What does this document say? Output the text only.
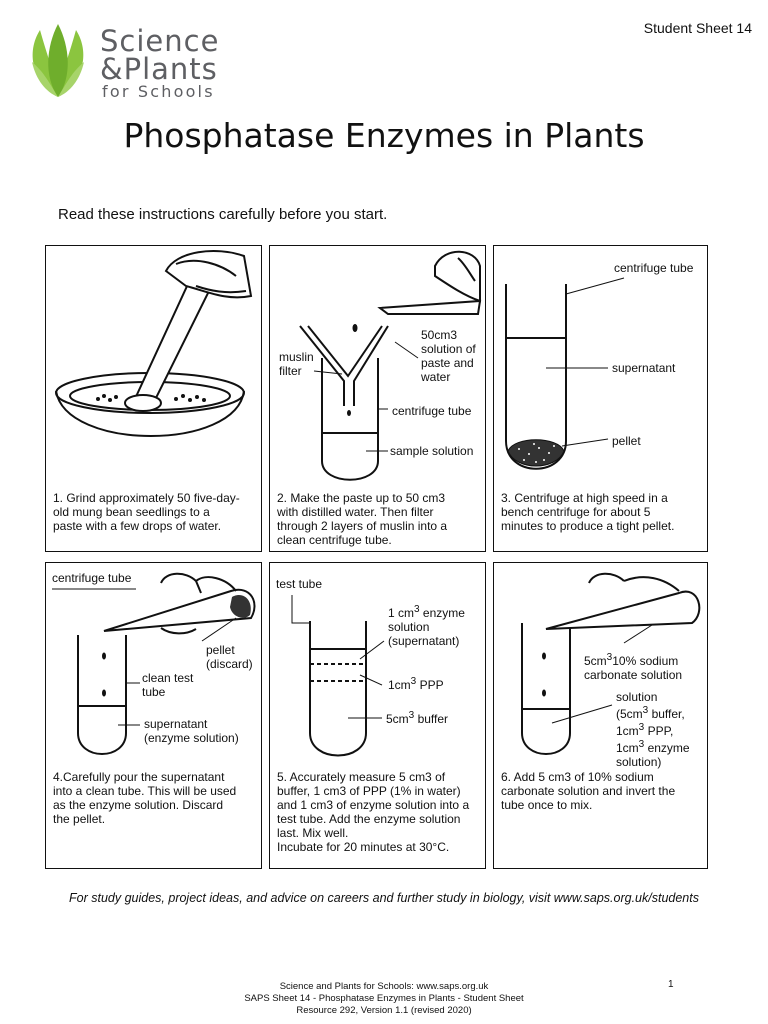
Science
&Plants
for Schools
Student Sheet 14
Phosphatase Enzymes in Plants
Read these instructions carefully before you start.
1. Grind approximately 50 five-day-
old mung bean seedlings to a
paste with a few drops of water.
muslin
filter
50cm3
solution of
paste and
water
centrifuge tube
sample solution
2. Make the paste up to 50 cm3
with distilled water. Then filter
through 2 layers of muslin into a
clean centrifuge tube.
centrifuge tube
supernatant
pellet
3. Centrifuge at high speed in a
bench centrifuge for about 5
minutes to produce a tight pellet.
centrifuge tube
pellet
(discard)
clean test
tube
supernatant
(enzyme solution)
4.Carefully pour the supernatant
into a clean tube. This will be used
as the enzyme solution. Discard
the pellet.
test tube
1 $cm^3$ enzyme
solution
(supernatant)
$1cm^3$ PPP
$5cm^3$ buffer
5. Accurately measure 5 cm3 of
buffer, 1 cm3 of PPP (1% in water)
and 1 cm3 of enzyme solution into a
test tube. Add the enzyme solution
last. Mix well.
Incubate for 20 minutes at 30°C.
$5cm^310\%$ sodium
carbonate solution
solution
($5cm^3$ buffer,
$1cm^3$ PPP,
$1cm^3$ enzyme
solution)
6. Add 5 cm3 of 10% sodium
carbonate solution and invert the
tube once to mix.
For study guides, project ideas, and advice on careers and further study in biology, visit www.saps.org.uk/students
Science and Plants for Schools: www.saps.org.uk
SAPS Sheet 14 - Phosphatase Enzymes in Plants - Student Sheet
Resource 292, Version 1.1 (revised 2020)
1
